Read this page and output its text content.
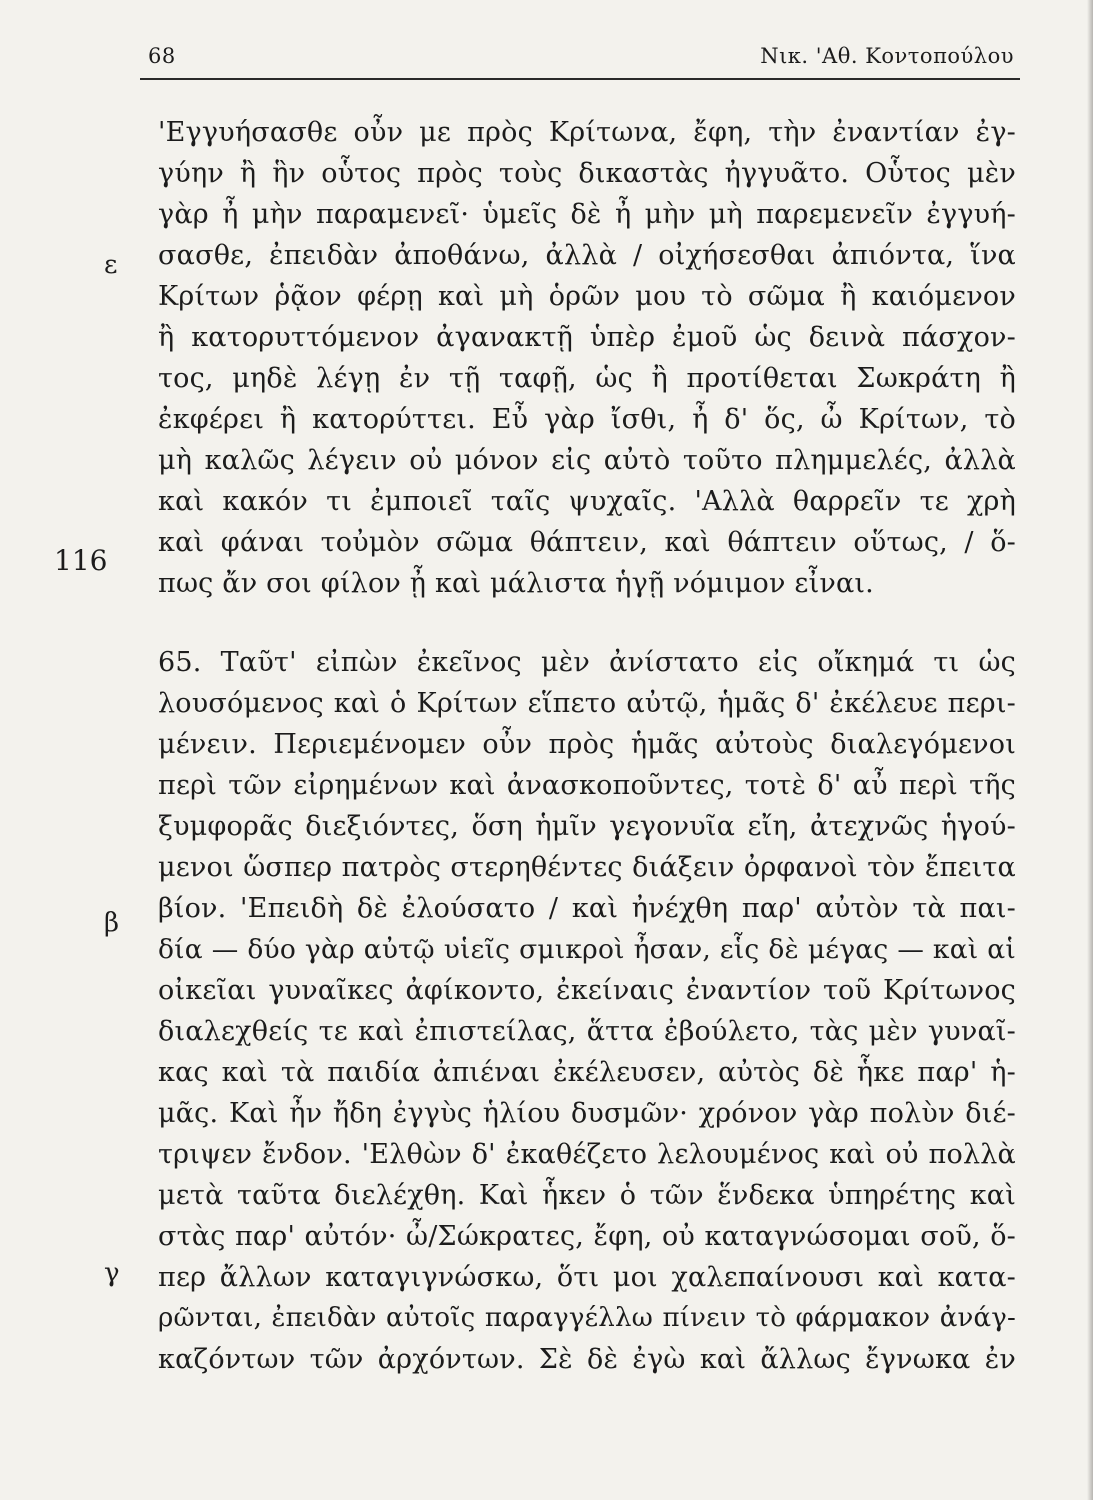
68	Νικ. 'Αθ. Κοντοπούλου
ε
116
β
γ
'Εγγυήσασθε οὖν με πρὸς Κρίτωνα, ἔφη, τὴν ἐναντίαν ἐγ-
γύην ἢ ἣν οὗτος πρὸς τοὺς δικαστὰς ἠγγυᾶτο. Οὗτος μὲν
γὰρ ἦ μὴν παραμενεῖ· ὑμεῖς δὲ ἦ μὴν μὴ παρεμενεῖν ἐγγυή-
σασθε, ἐπειδὰν ἀποθάνω, ἀλλὰ / οἰχήσεσθαι ἀπιόντα, ἵνα
Κρίτων ῥᾷον φέρῃ καὶ μὴ ὁρῶν μου τὸ σῶμα ἢ καιόμενον
ἢ κατορυττόμενον ἀγανακτῇ ὑπὲρ ἐμοῦ ὡς δεινὰ πάσχον-
τος, μηδὲ λέγῃ ἐν τῇ ταφῇ, ὡς ἢ προτίθεται Σωκράτη ἢ
ἐκφέρει ἢ κατορύττει. Εὖ γὰρ ἴσθι, ἦ δ' ὅς, ὦ Κρίτων, τὸ
μὴ καλῶς λέγειν οὐ μόνον εἰς αὐτὸ τοῦτο πλημμελές, ἀλλὰ
καὶ κακόν τι ἐμποιεῖ ταῖς ψυχαῖς. 'Αλλὰ θαρρεῖν τε χρὴ
καὶ φάναι τοὐμὸν σῶμα θάπτειν, καὶ θάπτειν οὕτως, / ὅ-
πως ἄν σοι φίλον ᾖ καὶ μάλιστα ἡγῇ νόμιμον εἶναι.
65. Ταῦτ' εἰπὼν ἐκεῖνος μὲν ἀνίστατο εἰς οἴκημά τι ὡς
λουσόμενος καὶ ὁ Κρίτων εἵπετο αὐτῷ, ἡμᾶς δ' ἐκέλευε περι-
μένειν. Περιεμένομεν οὖν πρὸς ἡμᾶς αὐτοὺς διαλεγόμενοι
περὶ τῶν εἰρημένων καὶ ἀνασκοποῦντες, τοτὲ δ' αὖ περὶ τῆς
ξυμφορᾶς διεξιόντες, ὅση ἡμῖν γεγονυῖα εἴη, ἀτεχνῶς ἡγού-
μενοι ὥσπερ πατρὸς στερηθέντες διάξειν ὀρφανοὶ τὸν ἔπειτα
βίον. 'Επειδὴ δὲ ἐλούσατο / καὶ ἠνέχθη παρ' αὐτὸν τὰ παι-
δία — δύο γὰρ αὐτῷ υἱεῖς σμικροὶ ἦσαν, εἷς δὲ μέγας — καὶ αἱ
οἰκεῖαι γυναῖκες ἀφίκοντο, ἐκείναις ἐναντίον τοῦ Κρίτωνος
διαλεχθείς τε καὶ ἐπιστείλας, ἅττα ἐβούλετο, τὰς μὲν γυναῖ-
κας καὶ τὰ παιδία ἀπιέναι ἐκέλευσεν, αὐτὸς δὲ ἧκε παρ' ἡ-
μᾶς. Καὶ ἦν ἤδη ἐγγὺς ἡλίου δυσμῶν· χρόνον γὰρ πολὺν διέ-
τριψεν ἔνδον. 'Ελθὼν δ' ἐκαθέζετο λελουμένος καὶ οὐ πολλὰ
μετὰ ταῦτα διελέχθη. Καὶ ἧκεν ὁ τῶν ἕνδεκα ὑπηρέτης καὶ
στὰς παρ' αὐτόν· ὦ/Σώκρατες, ἔφη, οὐ καταγνώσομαι σοῦ, ὅ-
περ ἄλλων καταγιγνώσκω, ὅτι μοι χαλεπαίνουσι καὶ κατα-
ρῶνται, ἐπειδὰν αὐτοῖς παραγγέλλω πίνειν τὸ φάρμακον ἀνάγ-
καζόντων τῶν ἀρχόντων. Σὲ δὲ ἐγὼ καὶ ἄλλως ἔγνωκα ἐν
